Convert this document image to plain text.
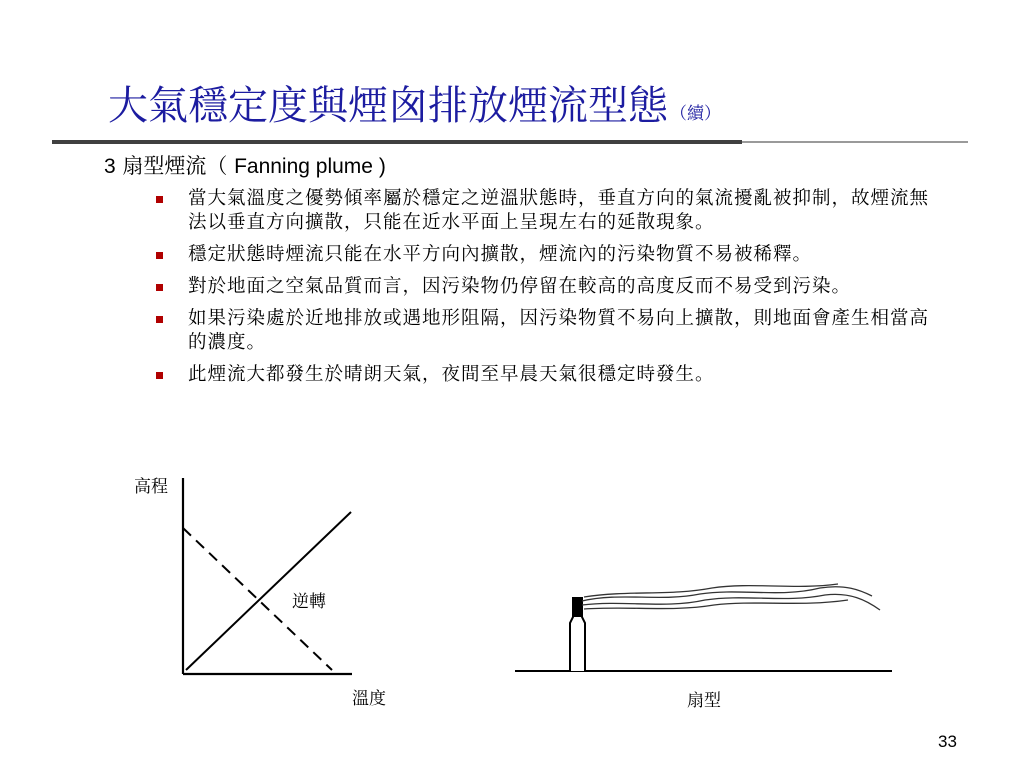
大氣穩定度與煙囪排放煙流型態 （續）
3 扇型煙流（ Fanning plume )
當大氣溫度之優勢傾率屬於穩定之逆溫狀態時，垂直方向的氣流擾亂被抑制，故煙流無法以垂直方向擴散，只能在近水平面上呈現左右的延散現象。
穩定狀態時煙流只能在水平方向內擴散，煙流內的污染物質不易被稀釋。
對於地面之空氣品質而言，因污染物仍停留在較高的高度反而不易受到污染。
如果污染處於近地排放或遇地形阻隔，因污染物質不易向上擴散，則地面會產生相當高的濃度。
此煙流大都發生於晴朗天氣，夜間至早晨天氣很穩定時發生。
高程
逆轉
溫度	扇型
33
